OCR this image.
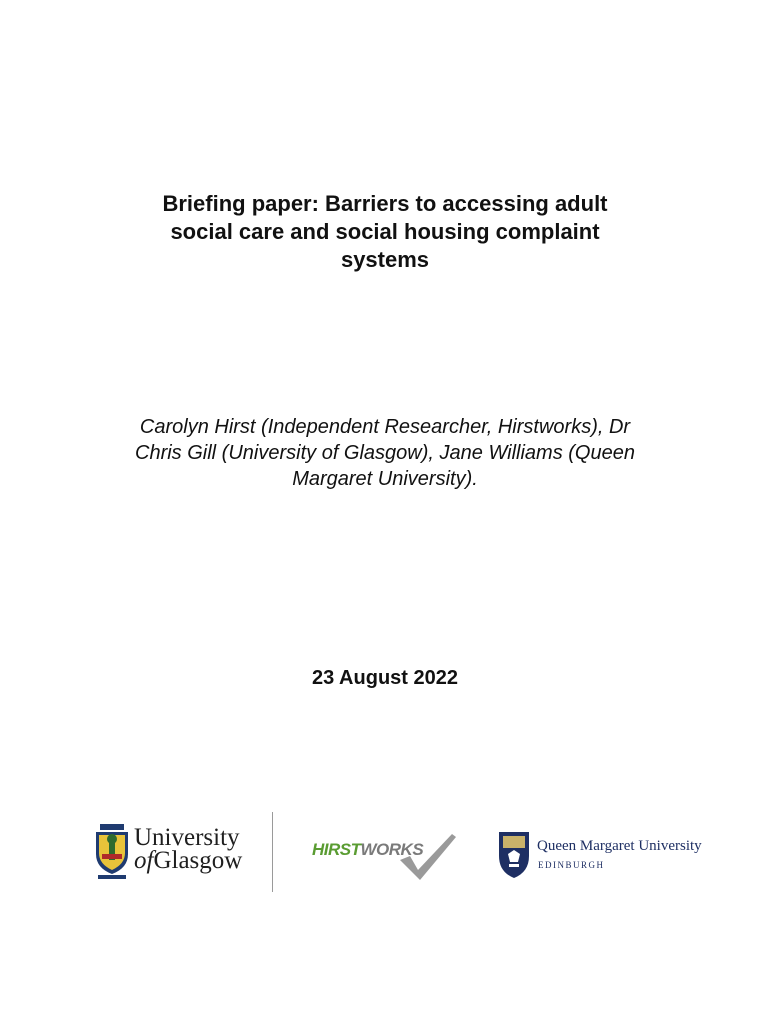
Briefing paper: Barriers to accessing adult
social care and social housing complaint
systems
Carolyn Hirst (Independent Researcher, Hirstworks), Dr
Chris Gill (University of Glasgow), Jane Williams (Queen
Margaret University).
23 August 2022
University
ofGlasgow	HIRSTWORKS	Queen Margaret University
EDINBURGH
